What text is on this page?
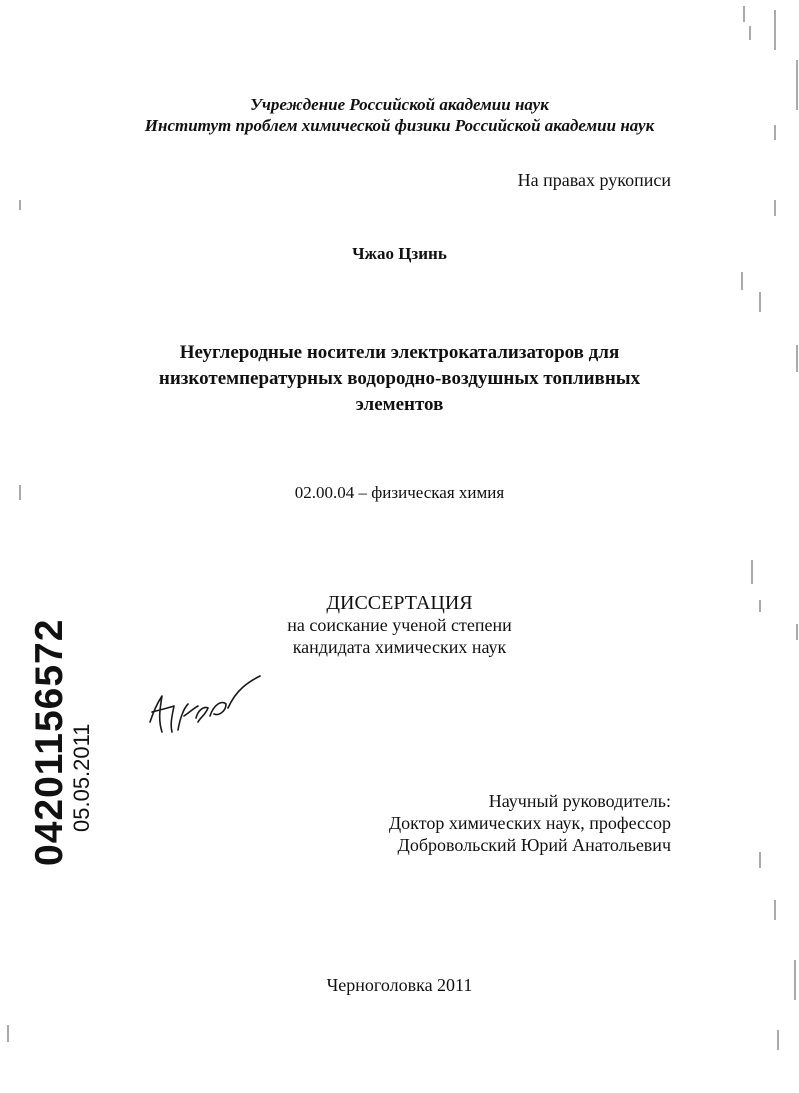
Учреждение Российской академии наук
Институт проблем химической физики Российской академии наук
На правах рукописи
Чжао Цзинь
Неуглеродные носители электрокатализаторов для
низкотемпературных водородно-воздушных топливных
элементов
02.00.04 – физическая химия
ДИССЕРТАЦИЯ
на соискание ученой степени
кандидата химических наук
Научный руководитель:
Доктор химических наук, профессор
Добровольский Юрий Анатольевич
Черноголовка 2011
04201156572
05.05.2011
